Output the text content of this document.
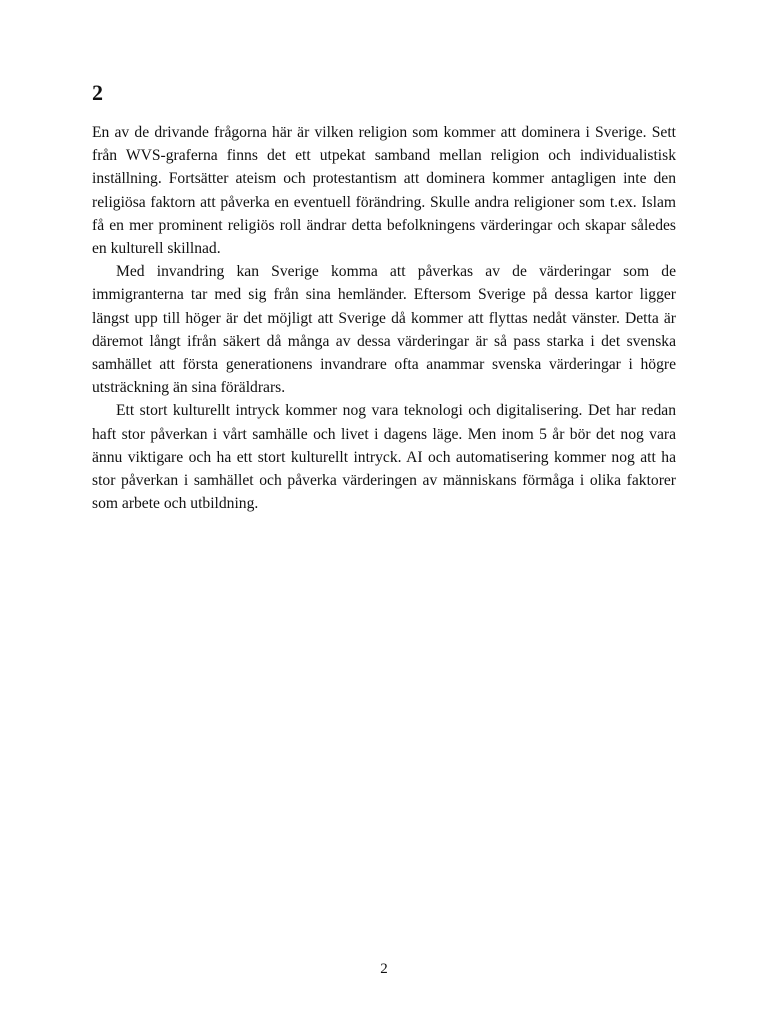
2

En av de drivande frågorna här är vilken religion som kommer att dominera i Sverige. Sett från WVS-graferna finns det ett utpekat samband mellan religion och individualistisk inställning. Fortsätter ateism och protestantism att dominera kommer antagligen inte den religiösa faktorn att påverka en eventuell förändring. Skulle andra religioner som t.ex. Islam få en mer prominent religiös roll ändrar detta befolkningens värderingar och skapar således en kulturell skillnad.

Med invandring kan Sverige komma att påverkas av de värderingar som de immigranterna tar med sig från sina hemländer. Eftersom Sverige på dessa kartor ligger längst upp till höger är det möjligt att Sverige då kommer att flyttas nedåt vänster. Detta är däremot långt ifrån säkert då många av dessa värderingar är så pass starka i det svenska samhället att första generationens invandrare ofta anammar svenska värderingar i högre utsträckning än sina föräldrars.

Ett stort kulturellt intryck kommer nog vara teknologi och digitalisering. Det har redan haft stor påverkan i vårt samhälle och livet i dagens läge. Men inom 5 år bör det nog vara ännu viktigare och ha ett stort kulturellt intryck. AI och automatisering kommer nog att ha stor påverkan i samhället och påverka värderingen av människans förmåga i olika faktorer som arbete och utbildning.

2
